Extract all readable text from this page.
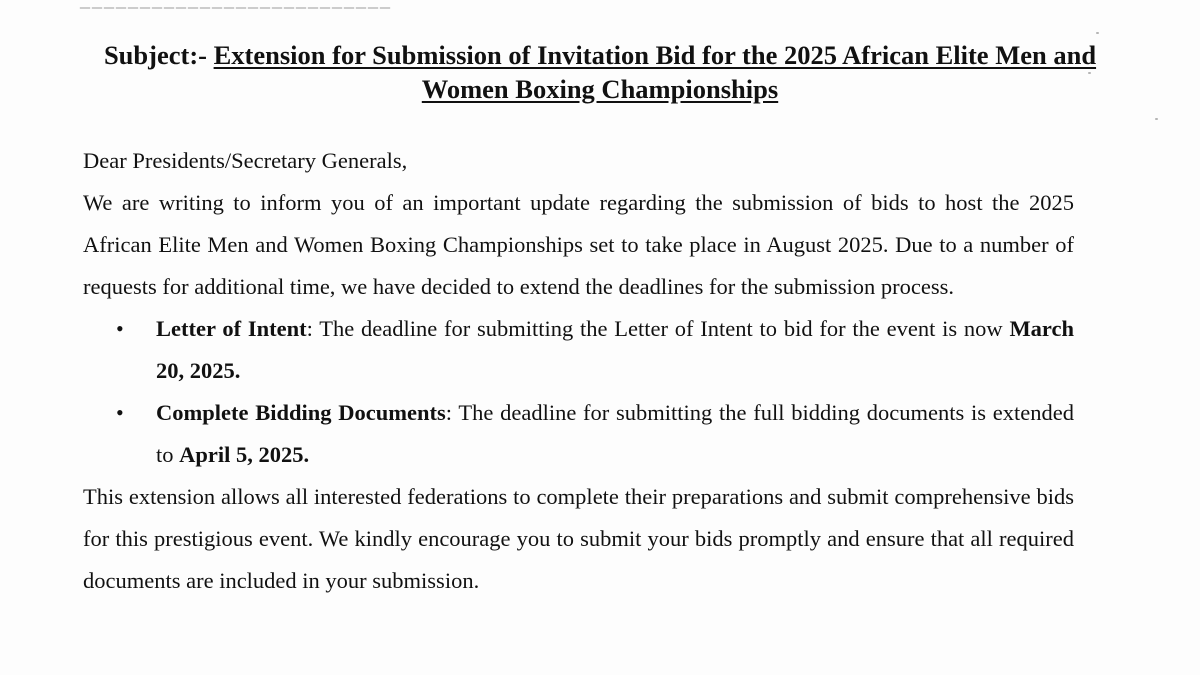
__________________________
Subject:- Extension for Submission of Invitation Bid for the 2025 African Elite Men and Women Boxing Championships

Dear Presidents/Secretary Generals,

We are writing to inform you of an important update regarding the submission of bids to host the 2025 African Elite Men and Women Boxing Championships set to take place in August 2025. Due to a number of requests for additional time, we have decided to extend the deadlines for the submission process.

• Letter of Intent: The deadline for submitting the Letter of Intent to bid for the event is now March 20, 2025.
• Complete Bidding Documents: The deadline for submitting the full bidding documents is extended to April 5, 2025.

This extension allows all interested federations to complete their preparations and submit comprehensive bids for this prestigious event. We kindly encourage you to submit your bids promptly and ensure that all required documents are included in your submission.
